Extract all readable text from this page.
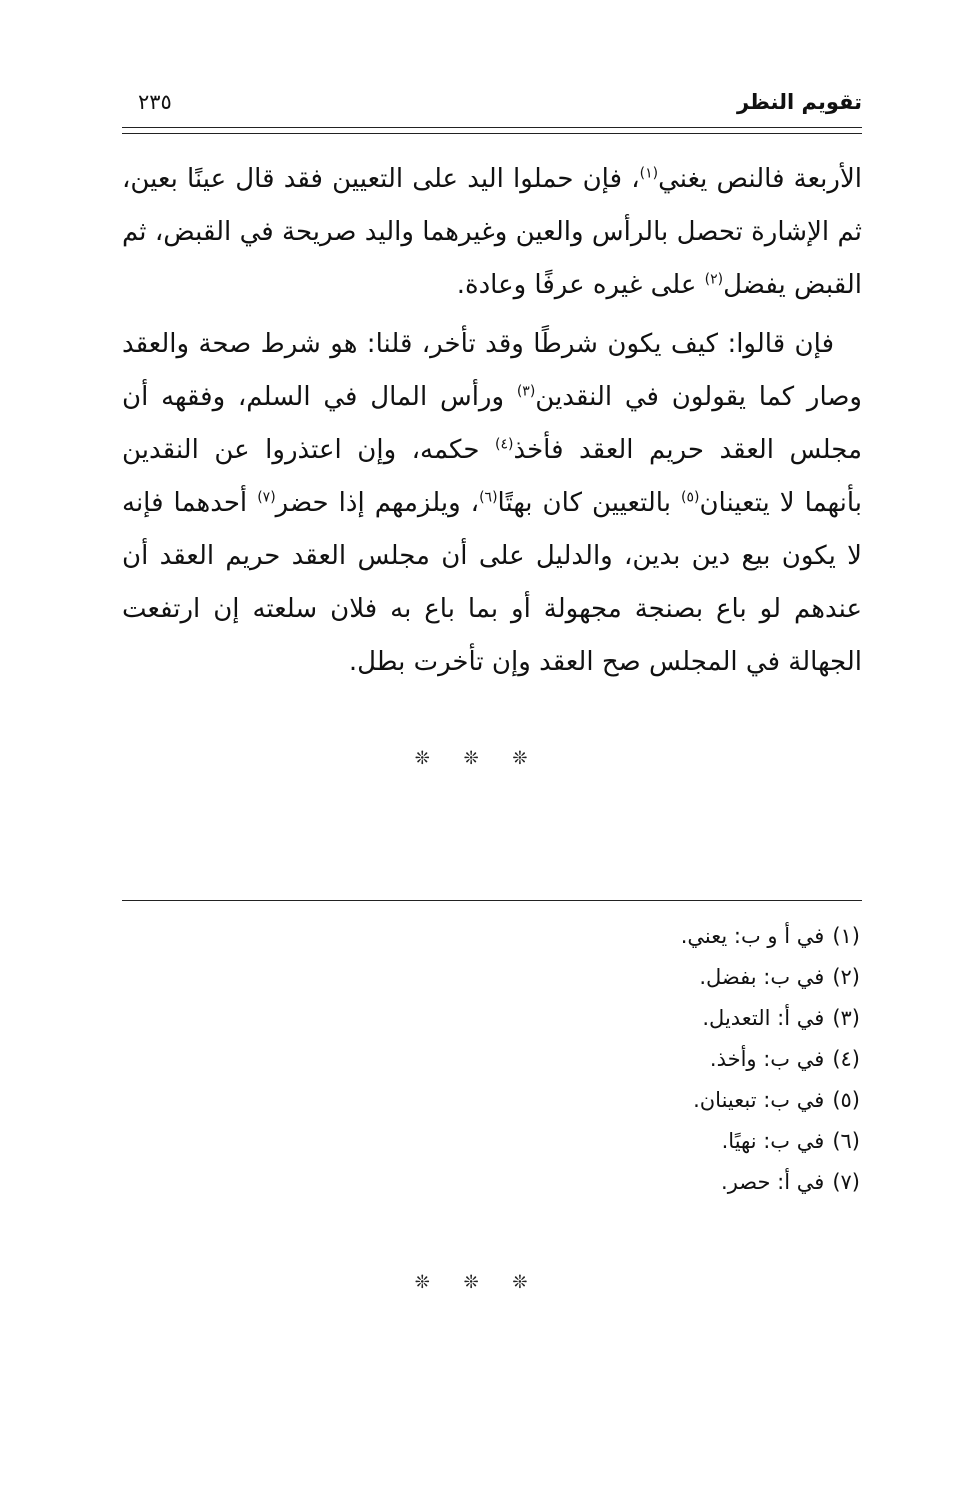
تقويم النظر
٢٣٥

الأربعة فالنص يغني$^{(١)}$، فإن حملوا اليد على التعيين فقد قال عينًا بعين، ثم الإشارة تحصل بالرأس والعين وغيرهما واليد صريحة في القبض، ثم القبض يفضل$^{(٢)}$ على غيره عرفًا وعادة.

فإن قالوا: كيف يكون شرطًا وقد تأخر، قلنا: هو شرط صحة والعقد وصار كما يقولون في النقدين$^{(٣)}$ ورأس المال في السلم، وفقهه أن مجلس العقد حريم العقد فأخذ$^{(٤)}$ حكمه، وإن اعتذروا عن النقدين بأنهما لا يتعينان$^{(٥)}$ بالتعيين كان بهتًا$^{(٦)}$، ويلزمهم إذا حضر$^{(٧)}$ أحدهما فإنه لا يكون بيع دين بدين، والدليل على أن مجلس العقد حريم العقد أن عندهم لو باع بصنجة مجهولة أو بما باع به فلان سلعته إن ارتفعت الجهالة في المجلس صح العقد وإن تأخرت بطل.

❊ ❊ ❊
(١)في أ و ب: يعني.
(٢)في ب: بفضل.
(٣)في أ: التعديل.
(٤)في ب: وأخذ.
(٥)في ب: تبعينان.
(٦)في ب: نهيًا.
(٧)في أ: حصر.
❊ ❊ ❊
